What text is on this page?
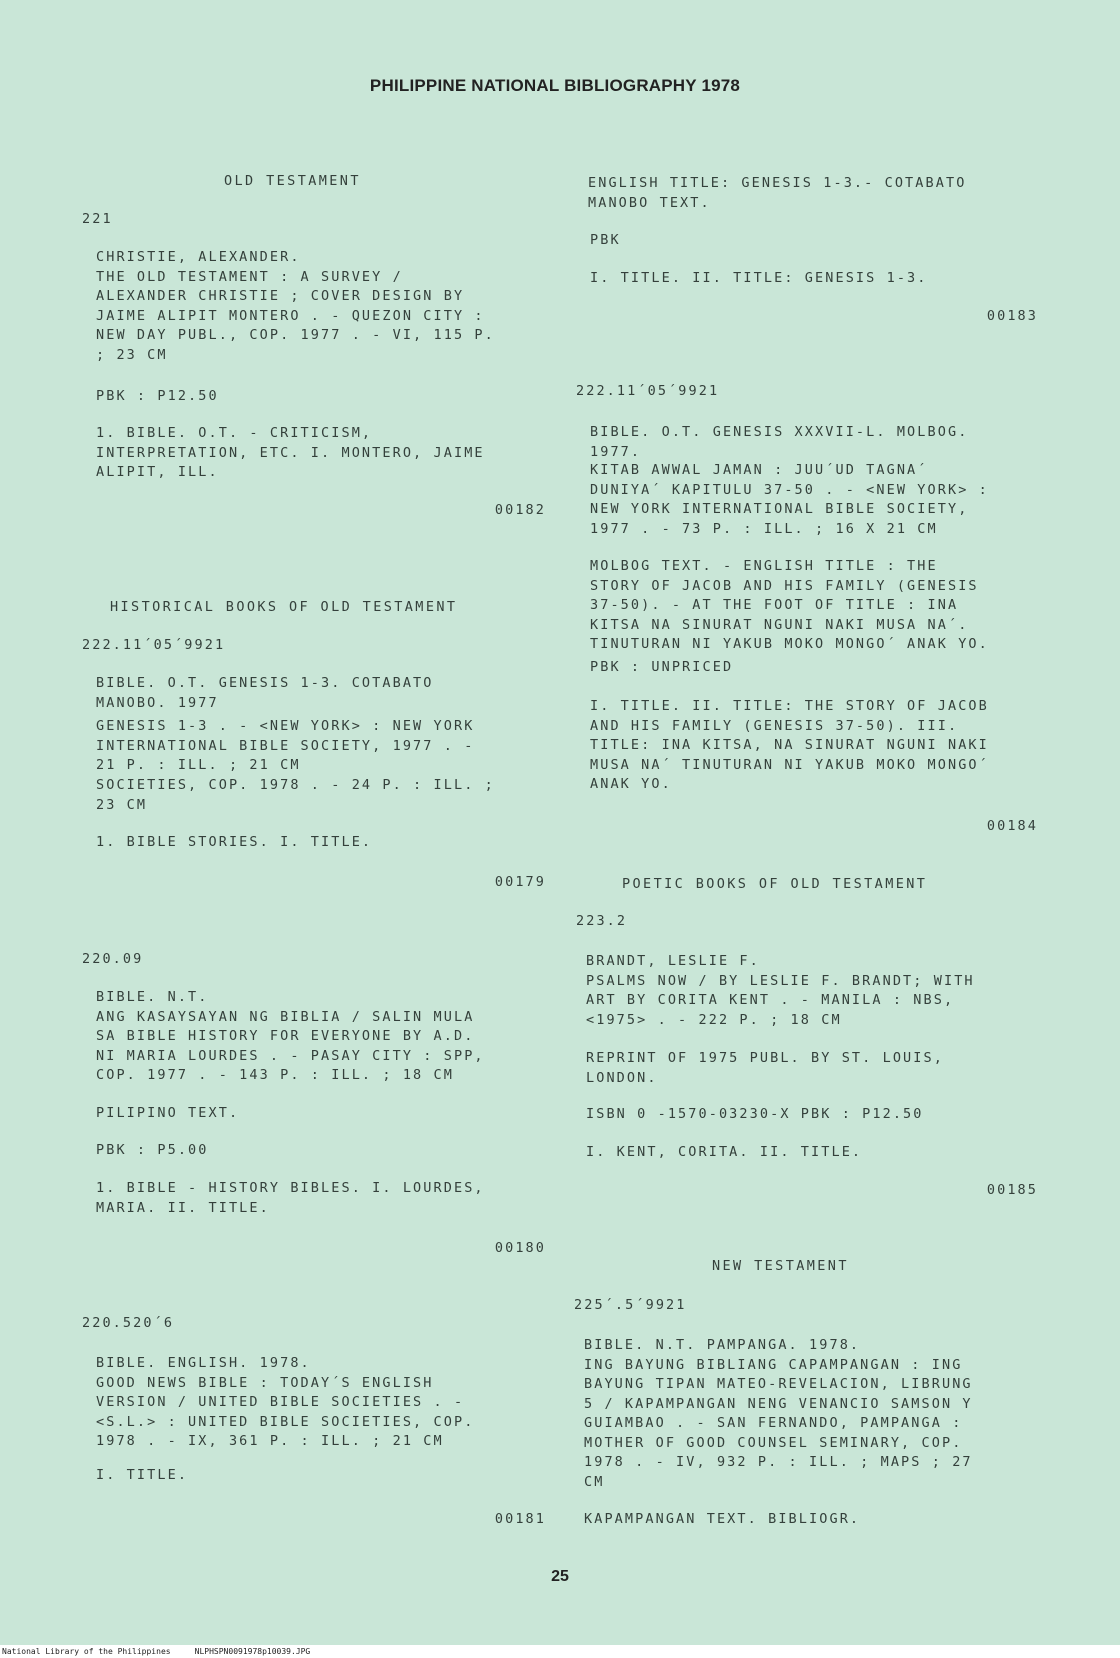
PHILIPPINE NATIONAL BIBLIOGRAPHY 1978
OLD TESTAMENT
221
CHRISTIE, ALEXANDER.
THE OLD TESTAMENT : A SURVEY /
ALEXANDER CHRISTIE ; COVER DESIGN BY
JAIME ALIPIT MONTERO . - QUEZON CITY :
NEW DAY PUBL., COP. 1977 . - VI, 115 P.
; 23 CM
PBK : P12.50
1. BIBLE. O.T. - CRITICISM,
INTERPRETATION, ETC. I. MONTERO, JAIME
ALIPIT, ILL.
00182
HISTORICAL BOOKS OF OLD TESTAMENT
222.11´05´9921
BIBLE. O.T. GENESIS 1-3. COTABATO
MANOBO. 1977
GENESIS 1-3 . - <NEW YORK> : NEW YORK
INTERNATIONAL BIBLE SOCIETY, 1977 . -
21 P. : ILL. ; 21 CM
SOCIETIES, COP. 1978 . - 24 P. : ILL. ;
23 CM
1. BIBLE STORIES. I. TITLE.
00179
220.09
BIBLE. N.T.
ANG KASAYSAYAN NG BIBLIA / SALIN MULA
SA BIBLE HISTORY FOR EVERYONE BY A.D.
NI MARIA LOURDES . - PASAY CITY : SPP,
COP. 1977 . - 143 P. : ILL. ; 18 CM
PILIPINO TEXT.
PBK : P5.00
1. BIBLE - HISTORY BIBLES. I. LOURDES,
MARIA. II. TITLE.
00180
220.520´6
BIBLE. ENGLISH. 1978.
GOOD NEWS BIBLE : TODAY´S ENGLISH
VERSION / UNITED BIBLE SOCIETIES . -
<S.L.> : UNITED BIBLE SOCIETIES, COP.
1978 . - IX, 361 P. : ILL. ; 21 CM
I. TITLE.
00181
ENGLISH TITLE: GENESIS 1-3.- COTABATO
MANOBO TEXT.
PBK
I. TITLE. II. TITLE: GENESIS 1-3.
00183
222.11´05´9921
BIBLE. O.T. GENESIS XXXVII-L. MOLBOG.
1977.
KITAB AWWAL JAMAN : JUU´UD TAGNA´
DUNIYA´ KAPITULU 37-50 . - <NEW YORK> :
NEW YORK INTERNATIONAL BIBLE SOCIETY,
1977 . - 73 P. : ILL. ; 16 X 21 CM
MOLBOG TEXT. - ENGLISH TITLE : THE
STORY OF JACOB AND HIS FAMILY (GENESIS
37-50). - AT THE FOOT OF TITLE : INA
KITSA NA SINURAT NGUNI NAKI MUSA NA´.
TINUTURAN NI YAKUB MOKO MONGO´ ANAK YO.
PBK : UNPRICED
I. TITLE. II. TITLE: THE STORY OF JACOB
AND HIS FAMILY (GENESIS 37-50). III.
TITLE: INA KITSA, NA SINURAT NGUNI NAKI
MUSA NA´ TINUTURAN NI YAKUB MOKO MONGO´
ANAK YO.
00184
POETIC BOOKS OF OLD TESTAMENT
223.2
BRANDT, LESLIE F.
PSALMS NOW / BY LESLIE F. BRANDT; WITH
ART BY CORITA KENT . - MANILA : NBS,
<1975> . - 222 P. ; 18 CM
REPRINT OF 1975 PUBL. BY ST. LOUIS,
LONDON.
ISBN 0 -1570-03230-X PBK : P12.50
I. KENT, CORITA. II. TITLE.
00185
NEW TESTAMENT
225´.5´9921
BIBLE. N.T. PAMPANGA. 1978.
ING BAYUNG BIBLIANG CAPAMPANGAN : ING
BAYUNG TIPAN MATEO-REVELACION, LIBRUNG
5 / KAPAMPANGAN NENG VENANCIO SAMSON Y
GUIAMBAO . - SAN FERNANDO, PAMPANGA :
MOTHER OF GOOD COUNSEL SEMINARY, COP.
1978 . - IV, 932 P. : ILL. ; MAPS ; 27
CM
KAPAMPANGAN TEXT. BIBLIOGR.
25
National Library of the Philippines     NLPHSPN0091978p10039.JPG
